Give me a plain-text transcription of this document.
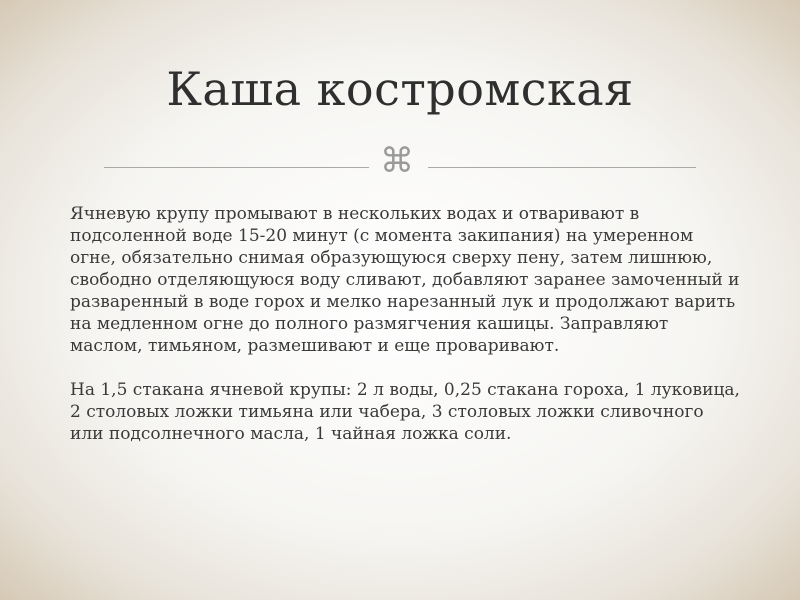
Каша костромская
⌘

Ячневую крупу промывают в нескольких водах и отваривают в подсоленной воде 15-20 минут (с момента закипания) на умеренном огне, обязательно снимая образующуюся сверху пену, затем лишнюю, свободно отделяющуюся воду сливают, добавляют заранее замоченный и разваренный в воде горох и мелко нарезанный лук и продолжают варить на медленном огне до полного размягчения кашицы. Заправляют маслом, тимьяном, размешивают и еще проваривают.

На 1,5 стакана ячневой крупы: 2 л воды, 0,25 стакана гороха, 1 луковица, 2 столовых ложки тимьяна или чабера, 3 столовых ложки сливочного или подсолнечного масла, 1 чайная ложка соли.
